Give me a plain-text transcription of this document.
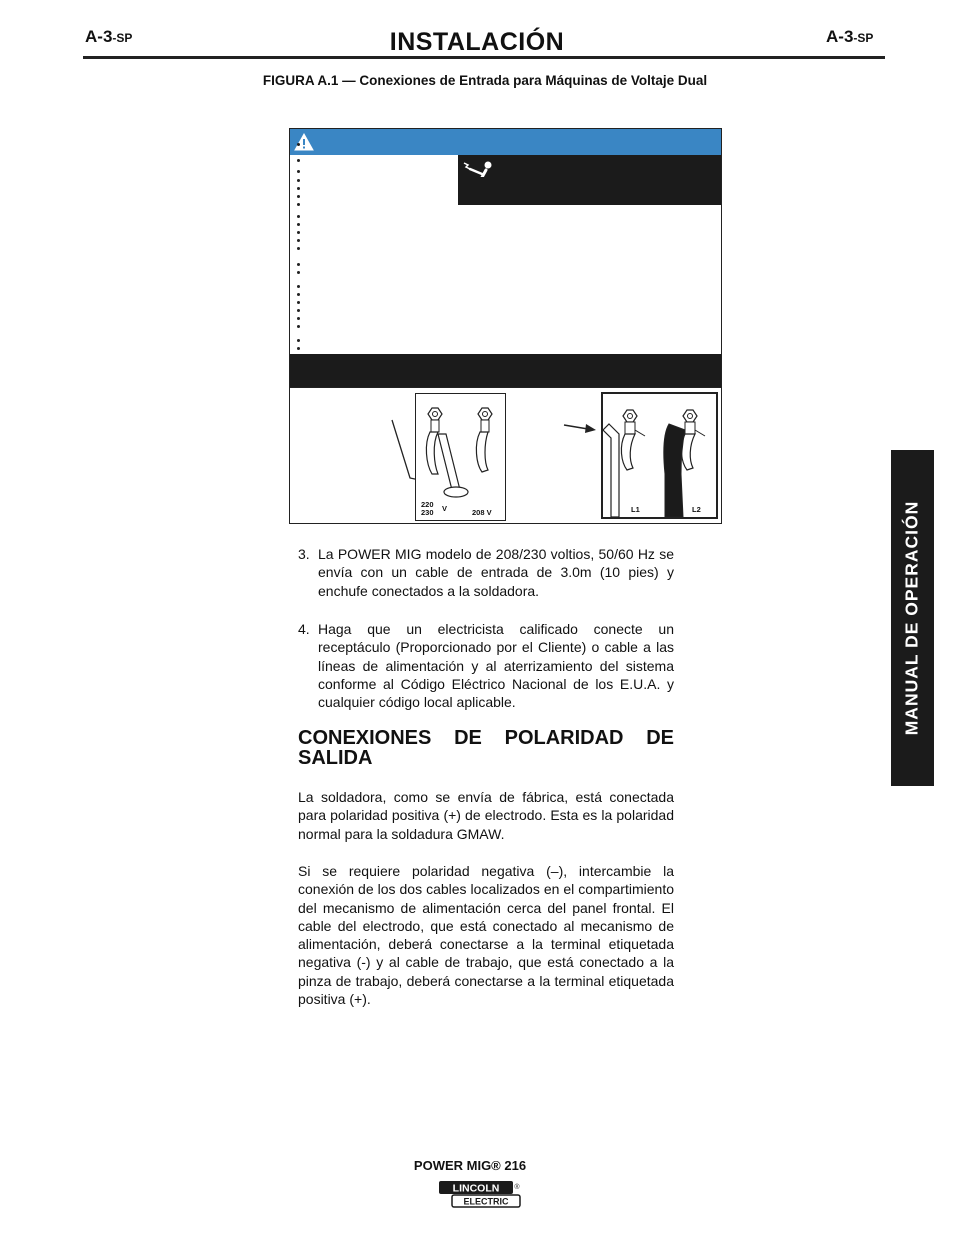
A-3-SP	INSTALACIÓN	A-3-SP
FIGURA A.1 — Conexiones de Entrada para Máquinas de Voltaje Dual
220
230 V	208 V	L1	L2
3. La POWER MIG modelo de 208/230 voltios, 50/60 Hz se envía con un cable de entrada de 3.0m (10 pies) y enchufe conectados a la soldadora.
4. Haga que un electricista calificado conecte un receptáculo (Proporcionado por el Cliente) o cable a las líneas de alimentación y al aterrizamiento del sistema conforme al Código Eléctrico Nacional de los E.U.A. y cualquier código local aplicable.
CONEXIONES DE POLARIDAD DE
SALIDA
La soldadora, como se envía de fábrica, está conectada para polaridad positiva (+) de electrodo. Esta es la polaridad normal para la soldadura GMAW.
Si se requiere polaridad negativa (–), intercambie la conexión de los dos cables localizados en el compartimiento del mecanismo de alimentación cerca del panel frontal. El cable del electrodo, que está conectado al mecanismo de alimentación, deberá conectarse a la terminal etiquetada negativa (-) y al cable de trabajo, que está conectado a la pinza de trabajo, deberá conectarse a la terminal etiquetada positiva (+).
MANUAL DE OPERACIÓN
POWER MIG® 216
LINCOLN ®
ELECTRIC
